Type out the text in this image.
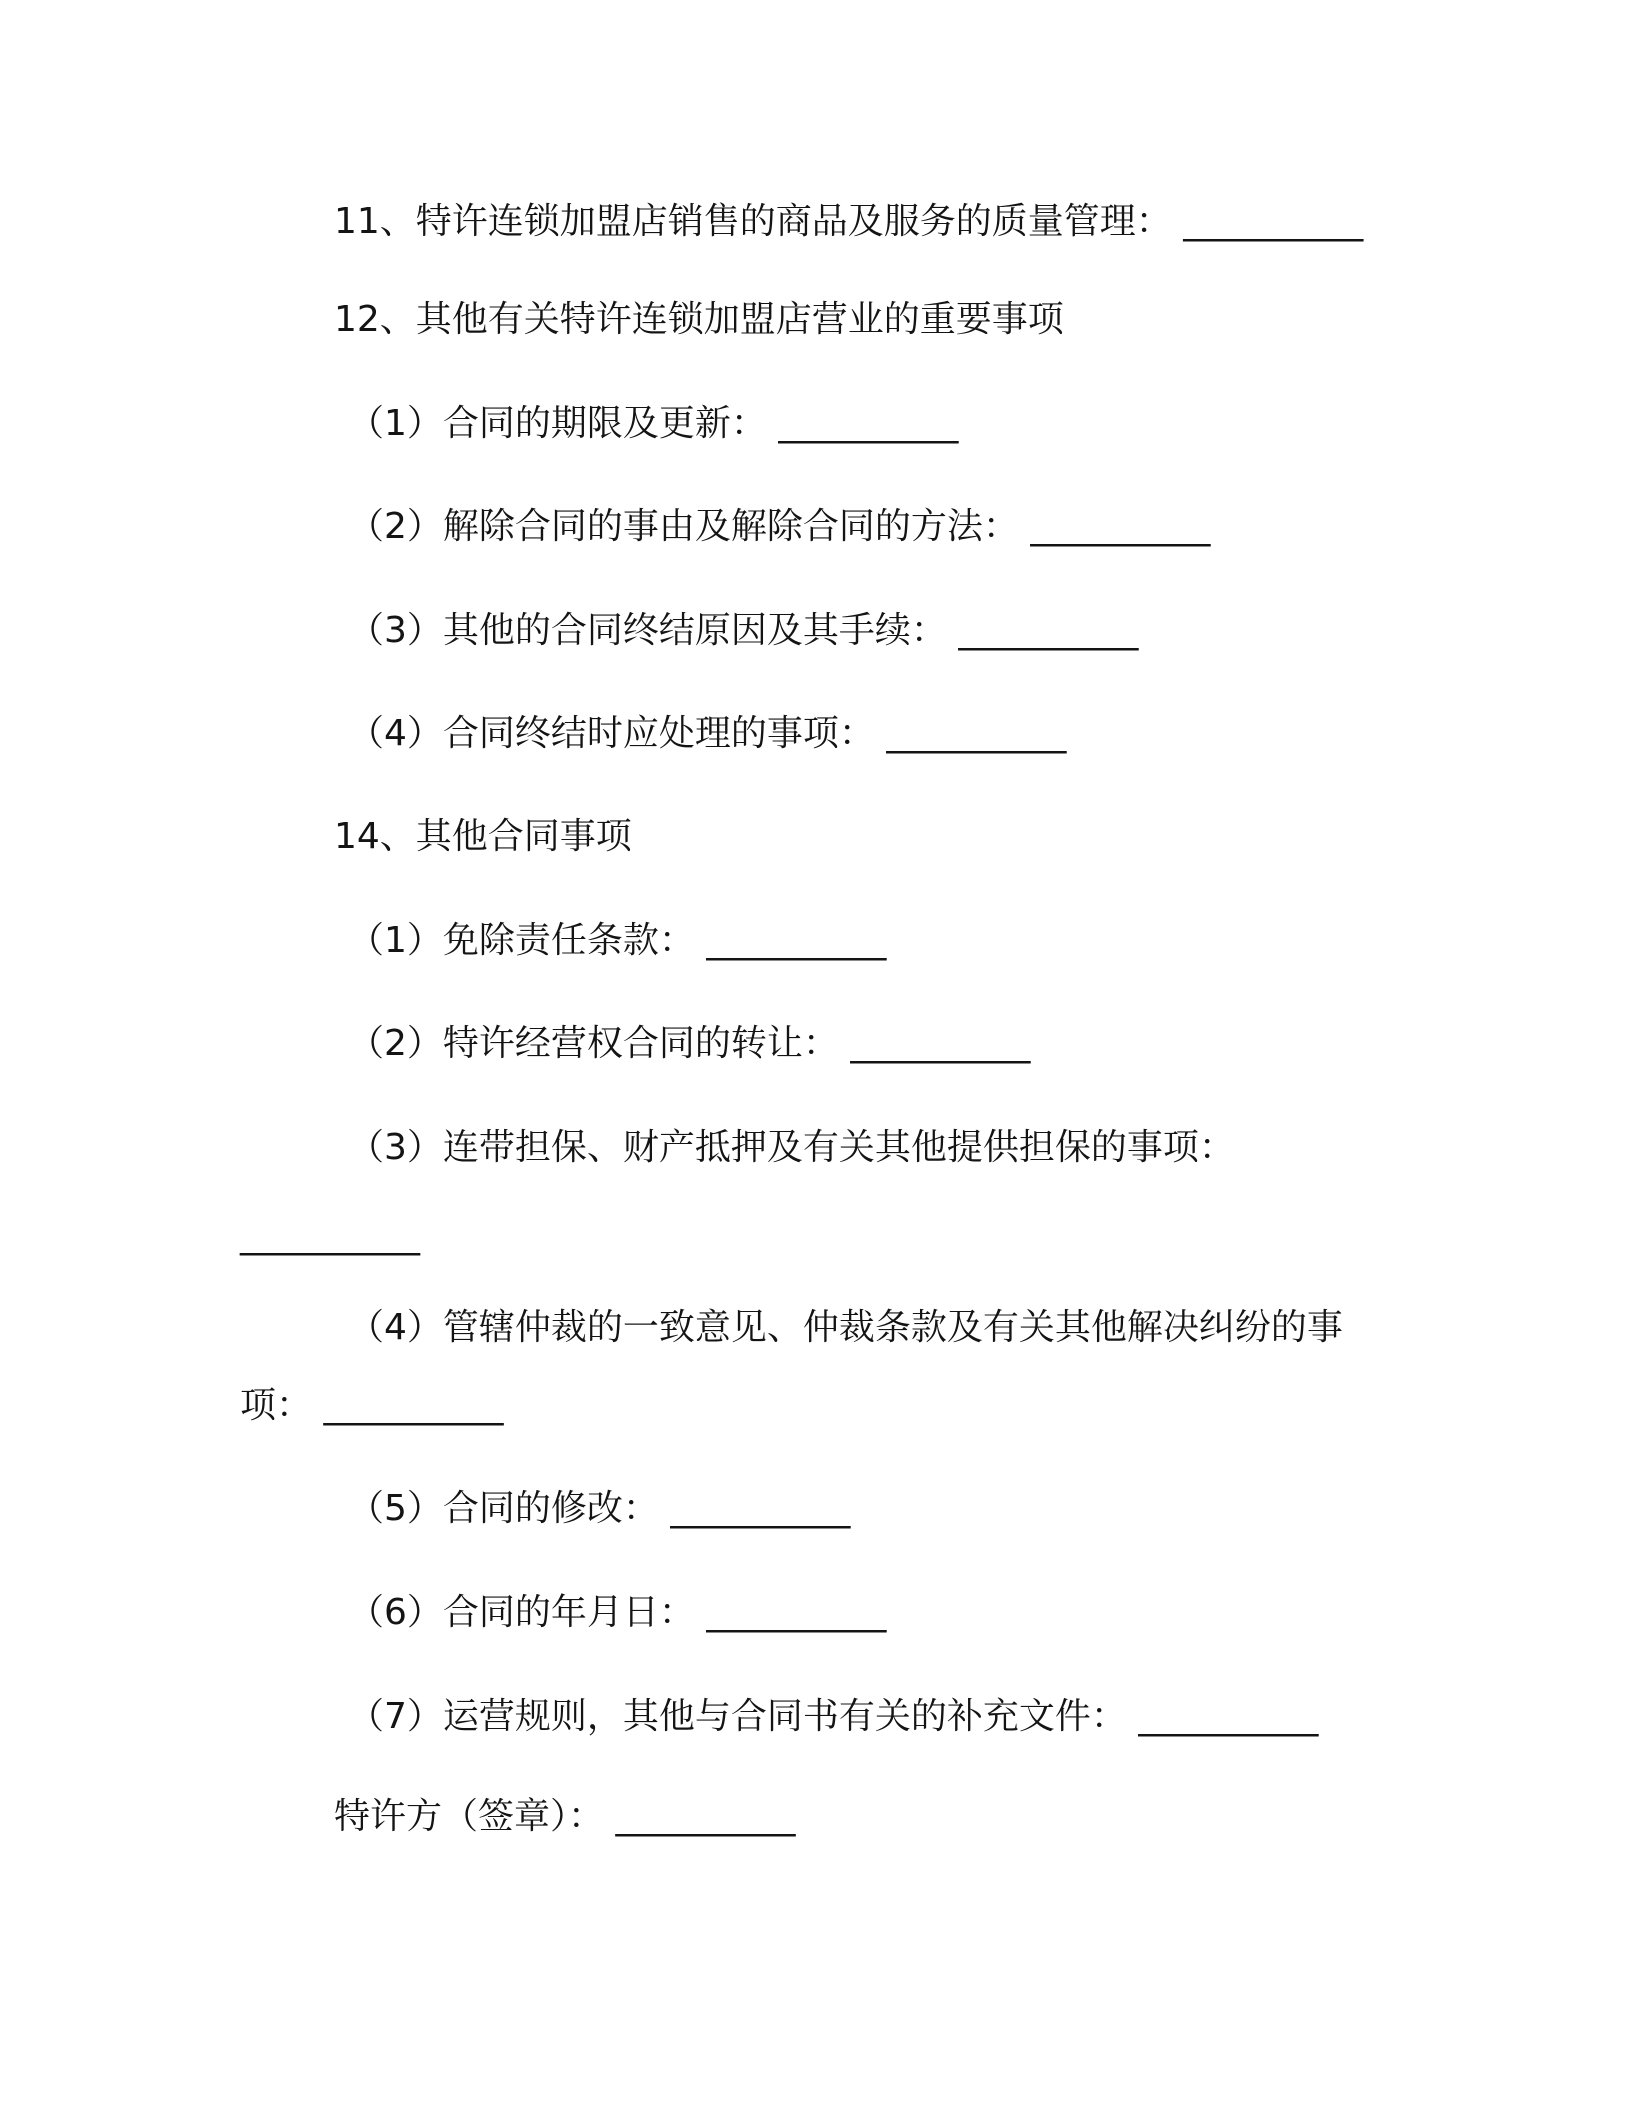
11、特许连锁加盟店销售的商品及服务的质量管理： __________

12、其他有关特许连锁加盟店营业的重要事项

（1）合同的期限及更新： __________

（2）解除合同的事由及解除合同的方法： __________

（3）其他的合同终结原因及其手续： __________

（4）合同终结时应处理的事项： __________

14、其他合同事项

（1）免除责任条款： __________

（2）特许经营权合同的转让： __________

（3）连带担保、财产抵押及有关其他提供担保的事项：

__________

（4）管辖仲裁的一致意见、仲裁条款及有关其他解决纠纷的事

项： __________

（5）合同的修改： __________

（6）合同的年月日： __________

（7）运营规则，其他与合同书有关的补充文件： __________

特许方（签章）： __________
